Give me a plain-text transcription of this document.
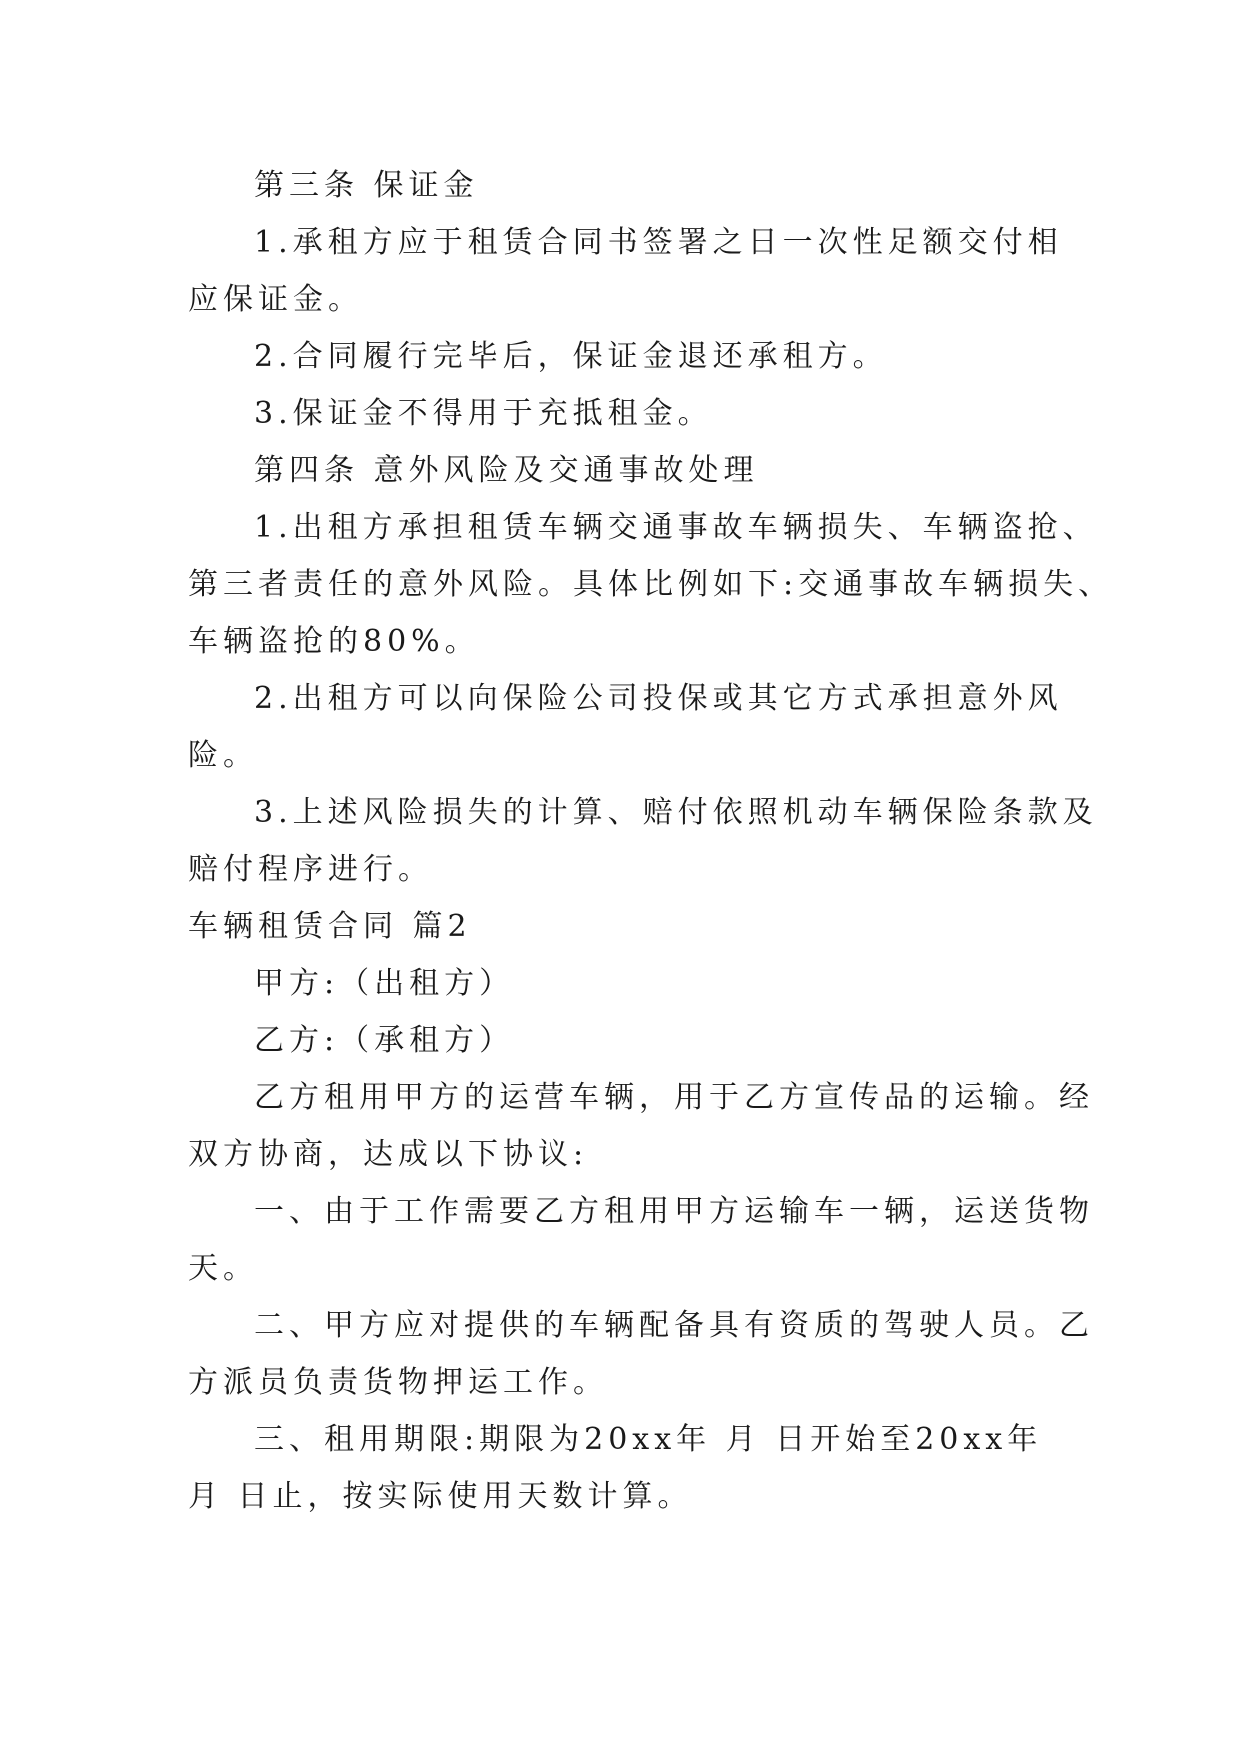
第三条 保证金
1.承租方应于租赁合同书签署之日一次性足额交付相
应保证金。
2.合同履行完毕后，保证金退还承租方。
3.保证金不得用于充抵租金。
第四条 意外风险及交通事故处理
1.出租方承担租赁车辆交通事故车辆损失、车辆盗抢、
第三者责任的意外风险。具体比例如下:交通事故车辆损失、
车辆盗抢的80%。
2.出租方可以向保险公司投保或其它方式承担意外风
险。
3.上述风险损失的计算、赔付依照机动车辆保险条款及
赔付程序进行。
车辆租赁合同 篇2
甲方:（出租方）
乙方:（承租方）
乙方租用甲方的运营车辆，用于乙方宣传品的运输。经
双方协商，达成以下协议:
一、由于工作需要乙方租用甲方运输车一辆，运送货物
天。
二、甲方应对提供的车辆配备具有资质的驾驶人员。乙
方派员负责货物押运工作。
三、租用期限:期限为20xx年 月 日开始至20xx年
月 日止，按实际使用天数计算。
